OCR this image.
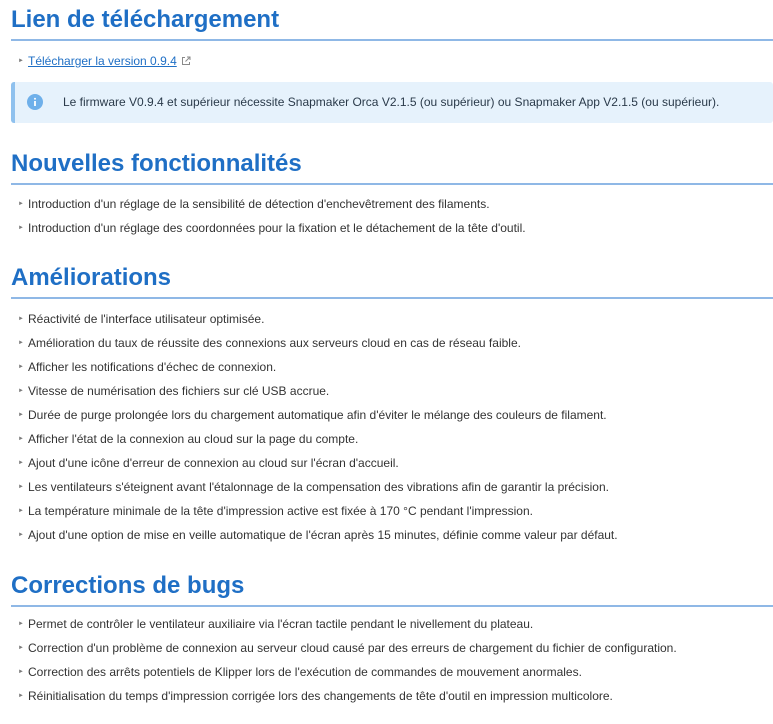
Lien de téléchargement
► Télécharger la version 0.9.4
Le firmware V0.9.4 et supérieur nécessite Snapmaker Orca V2.1.5 (ou supérieur) ou Snapmaker App V2.1.5 (ou supérieur).
Nouvelles fonctionnalités
► Introduction d'un réglage de la sensibilité de détection d'enchevêtrement des filaments.
► Introduction d'un réglage des coordonnées pour la fixation et le détachement de la tête d'outil.
Améliorations
► Réactivité de l'interface utilisateur optimisée.
► Amélioration du taux de réussite des connexions aux serveurs cloud en cas de réseau faible.
► Afficher les notifications d'échec de connexion.
► Vitesse de numérisation des fichiers sur clé USB accrue.
► Durée de purge prolongée lors du chargement automatique afin d'éviter le mélange des couleurs de filament.
► Afficher l'état de la connexion au cloud sur la page du compte.
► Ajout d'une icône d'erreur de connexion au cloud sur l'écran d'accueil.
► Les ventilateurs s'éteignent avant l'étalonnage de la compensation des vibrations afin de garantir la précision.
► La température minimale de la tête d'impression active est fixée à 170 °C pendant l'impression.
► Ajout d'une option de mise en veille automatique de l'écran après 15 minutes, définie comme valeur par défaut.
Corrections de bugs
► Permet de contrôler le ventilateur auxiliaire via l'écran tactile pendant le nivellement du plateau.
► Correction d'un problème de connexion au serveur cloud causé par des erreurs de chargement du fichier de configuration.
► Correction des arrêts potentiels de Klipper lors de l'exécution de commandes de mouvement anormales.
► Réinitialisation du temps d'impression corrigée lors des changements de tête d'outil en impression multicolore.
